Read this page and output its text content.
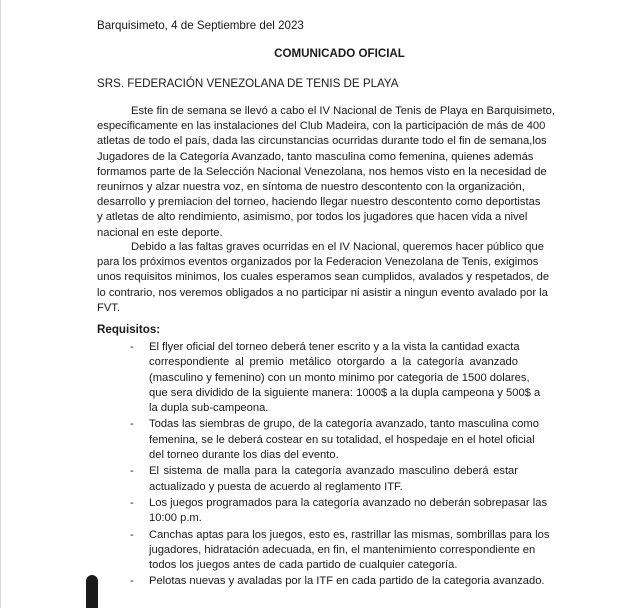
Barquisimeto, 4 de Septiembre del 2023
COMUNICADO OFICIAL
SRS. FEDERACIÓN VENEZOLANA DE TENIS DE PLAYA
Este fin de semana se llevó a cabo el IV Nacional de Tenis de Playa en Barquisimeto,
especificamente en las instalaciones del Club Madeira, con la participación de más de 400
atletas de todo el país, dada las circunstancias ocurridas durante todo el fin de semana,los
Jugadores de la Categoría Avanzado, tanto masculina como femenina, quienes además
formamos parte de la Selección Nacional Venezolana, nos hemos visto en la necesidad de
reunirnos y alzar nuestra voz, en síntoma de nuestro descontento con la organización,
desarrollo y premiacion del torneo, haciendo llegar nuestro descontento como deportistas
y atletas de alto rendimiento, asimismo, por todos los jugadores que hacen vida a nivel
nacional en este deporte.
Debido a las faltas graves ocurridas en el IV Nacional, queremos hacer público que
para los próximos eventos organizados por la Federacion Venezolana de Tenis, exigimos
unos requisitos minimos, los cuales esperamos sean cumplidos, avalados y respetados, de
lo contrario, nos veremos obligados a no participar ni asistir a ningun evento avalado por la
FVT.
Requisitos:
- El flyer oficial del torneo deberá tener escrito y a la vista la cantidad exacta
correspondiente al premio metálico otorgardo a la categoría avanzado
(masculino y femenino) con un monto minimo por categoria de 1500 dolares,
que sera dividido de la siguiente manera: 1000$ a la dupla campeona y 500$ a
la dupla sub-campeona.
- Todas las siembras de grupo, de la categoría avanzado, tanto masculina como
femenina, se le deberá costear en su totalidad, el hospedaje en el hotel oficial
del torneo durante los dias del evento.
- El sistema de malla para la categoría avanzado masculino deberá estar
actualizado y puesta de acuerdo al reglamento ITF.
- Los juegos programados para la categoría avanzado no deberán sobrepasar las
10:00 p.m.
- Canchas aptas para los juegos, esto es, rastrillar las mismas, sombrillas para los
jugadores, hidratación adecuada, en fin, el mantenimiento correspondiente en
todos los juegos antes de cada partido de cualquier categoría.
- Pelotas nuevas y avaladas por la ITF en cada partido de la categoria avanzado.
